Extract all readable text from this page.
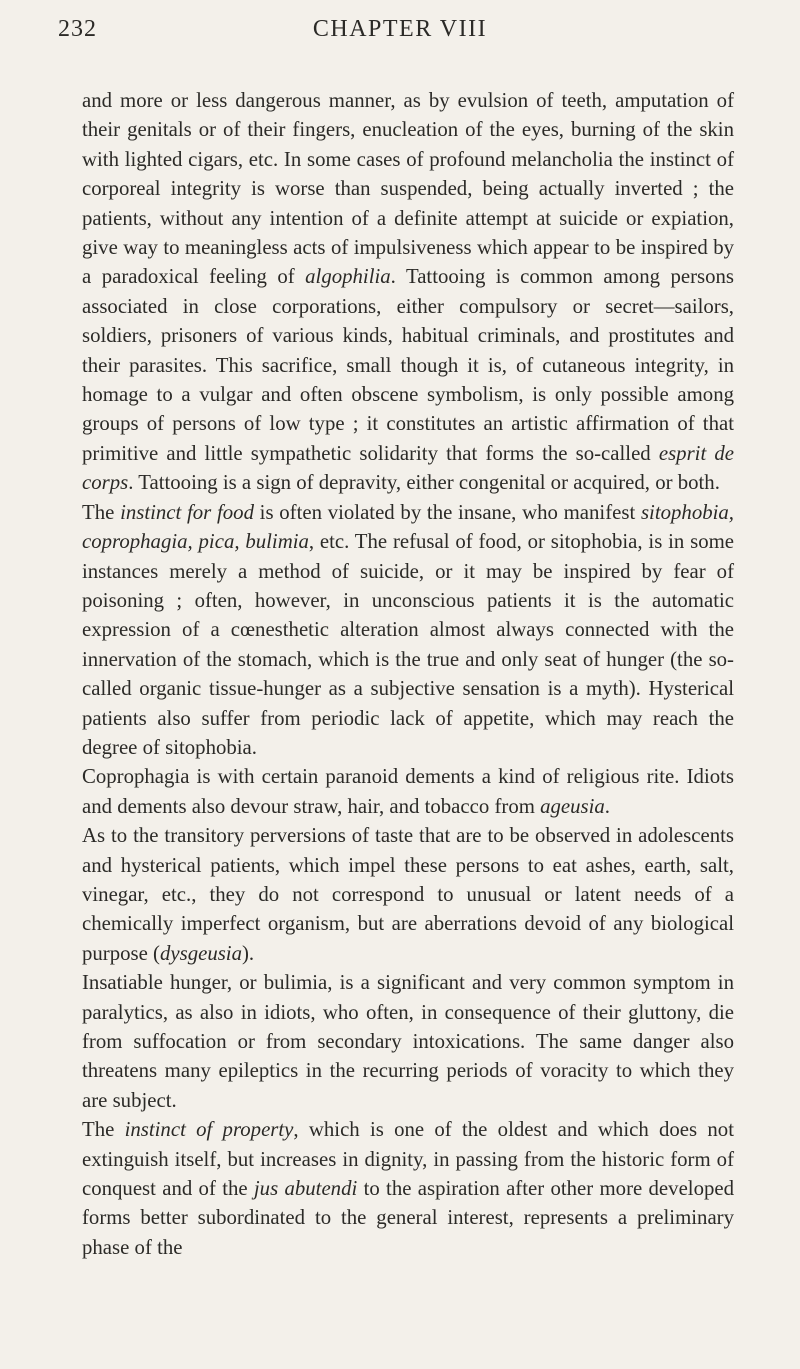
232	CHAPTER VIII

and more or less dangerous manner, as by evulsion of teeth, amputation of their genitals or of their fingers, enucleation of the eyes, burning of the skin with lighted cigars, etc. In some cases of profound melancholia the instinct of corporeal integrity is worse than suspended, being actually inverted ; the patients, without any intention of a definite attempt at suicide or expiation, give way to meaningless acts of impulsiveness which appear to be inspired by a paradoxical feeling of algophilia. Tattooing is common among persons associated in close corporations, either compulsory or secret—sailors, soldiers, prisoners of various kinds, habitual criminals, and prostitutes and their parasites. This sacrifice, small though it is, of cutaneous integrity, in homage to a vulgar and often obscene symbolism, is only possible among groups of persons of low type ; it constitutes an artistic affirmation of that primitive and little sympathetic solidarity that forms the so-called esprit de corps. Tattooing is a sign of depravity, either congenital or acquired, or both.

The instinct for food is often violated by the insane, who manifest sitophobia, coprophagia, pica, bulimia, etc. The refusal of food, or sitophobia, is in some instances merely a method of suicide, or it may be inspired by fear of poisoning ; often, however, in unconscious patients it is the automatic expression of a cœnesthetic alteration almost always connected with the innervation of the stomach, which is the true and only seat of hunger (the so-called organic tissue-hunger as a subjective sensation is a myth). Hysterical patients also suffer from periodic lack of appetite, which may reach the degree of sitophobia.

Coprophagia is with certain paranoid dements a kind of religious rite. Idiots and dements also devour straw, hair, and tobacco from ageusia.

As to the transitory perversions of taste that are to be observed in adolescents and hysterical patients, which impel these persons to eat ashes, earth, salt, vinegar, etc., they do not correspond to unusual or latent needs of a chemically imperfect organism, but are aberrations devoid of any biological purpose (dysgeusia).

Insatiable hunger, or bulimia, is a significant and very common symptom in paralytics, as also in idiots, who often, in consequence of their gluttony, die from suffocation or from secondary intoxications. The same danger also threatens many epileptics in the recurring periods of voracity to which they are subject.

The instinct of property, which is one of the oldest and which does not extinguish itself, but increases in dignity, in passing from the historic form of conquest and of the jus abutendi to the aspiration after other more developed forms better subordinated to the general interest, represents a preliminary phase of the
